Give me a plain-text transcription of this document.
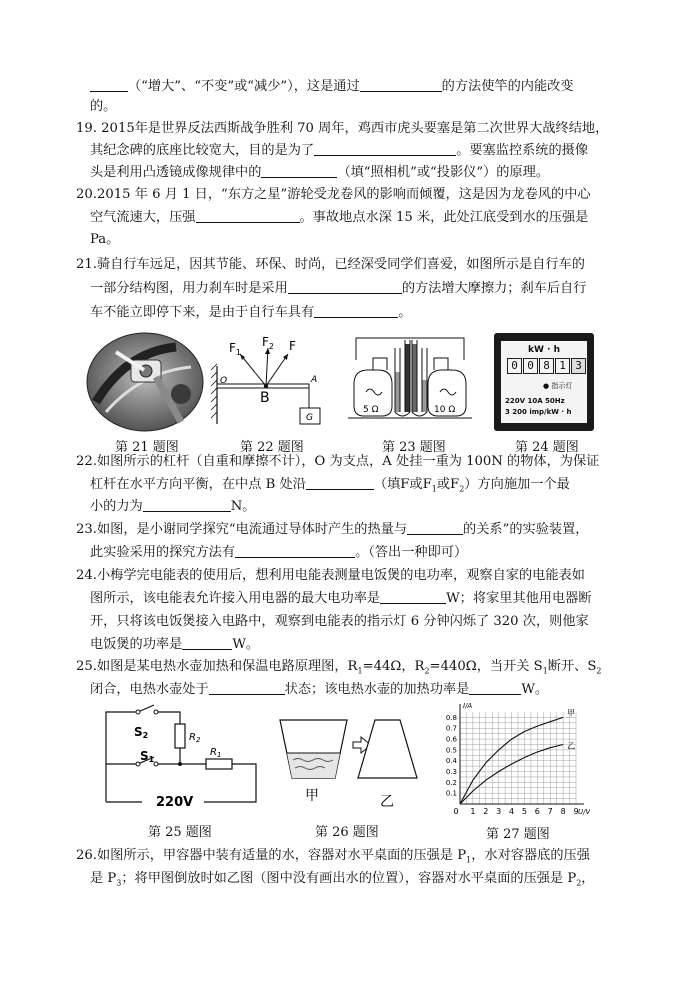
（“增大”、“不变”或“减少”），这是通过	的方法使竿的内能改变
的。
19. 2015年是世界反法西斯战争胜利 70 周年，鸡西市虎头要塞是第二次世界大战终结地，
其纪念碑的底座比较宽大，目的是为了	。要塞监控系统的摄像
头是利用凸透镜成像规律中的	（填“照相机”或“投影仪”）的原理。
20.2015 年 6 月 1 日，“东方之星”游轮受龙卷风的影响而倾覆，这是因为龙卷风的中心
空气流速大，压强	。事故地点水深 15 米，此处江底受到水的压强是
Pa。
21.骑自行车远足，因其节能、环保、时尚，已经深受同学们喜爱，如图所示是自行车的
一部分结构图，用力刹车时是采用	的方法增大摩擦力；刹车后自行
车不能立即停下来，是由于自行车具有	。
$F_1$
$F_2$ F
O	A
B
G
5 Ω	10 Ω
kW · h
0 0 8 1 3
● 指示灯
220V 10A 50Hz
3 200 imp/kW · h
第 21 题图	第 22 题图	第 23 题图	第 24 题图
22.如图所示的杠杆（自重和摩擦不计），O 为支点，A 处挂一重为 100N 的物体，为保证
杠杆在水平方向平衡，在中点 B 处沿	（填F或$F_1$或$F_2$）方向施加一个最
小的力为	N。
23.如图，是小谢同学探究“电流通过导体时产生的热量与	的关系”的实验装置，
此实验采用的探究方法有	。（答出一种即可）
24.小梅学完电能表的使用后，想利用电能表测量电饭煲的电功率，观察自家的电能表如
图所示，该电能表允许接入用电器的最大电功率是	W；将家里其他用电器断
开，只将该电饭煲接入电路中，观察到电能表的指示灯 6 分钟闪烁了 320 次，则他家
电饭煲的功率是	W。
25.如图是某电热水壶加热和保温电路原理图，$R_1=44\Omega$，$R_2=440\Omega$，当开关 $S_1$断开、$S_2$
闭合，电热水壶处于	状态；该电热水壶的加热功率是	W。
S2
S1
$R_2$
$R_1$
220V	甲	乙
I/A
U/V
0.8
0.7
0.6
0.5
0.4
0.3
0.2
0.1
0 1 2 3 4 5 6 7 8 9
甲
乙
第 25 题图	第 26 题图	第 27 题图
26.如图所示，甲容器中装有适量的水，容器对水平桌面的压强是 $P_1$，水对容器底的压强
是 $P_3$；将甲图倒放时如乙图（图中没有画出水的位置），容器对水平桌面的压强是 $P_2$，
